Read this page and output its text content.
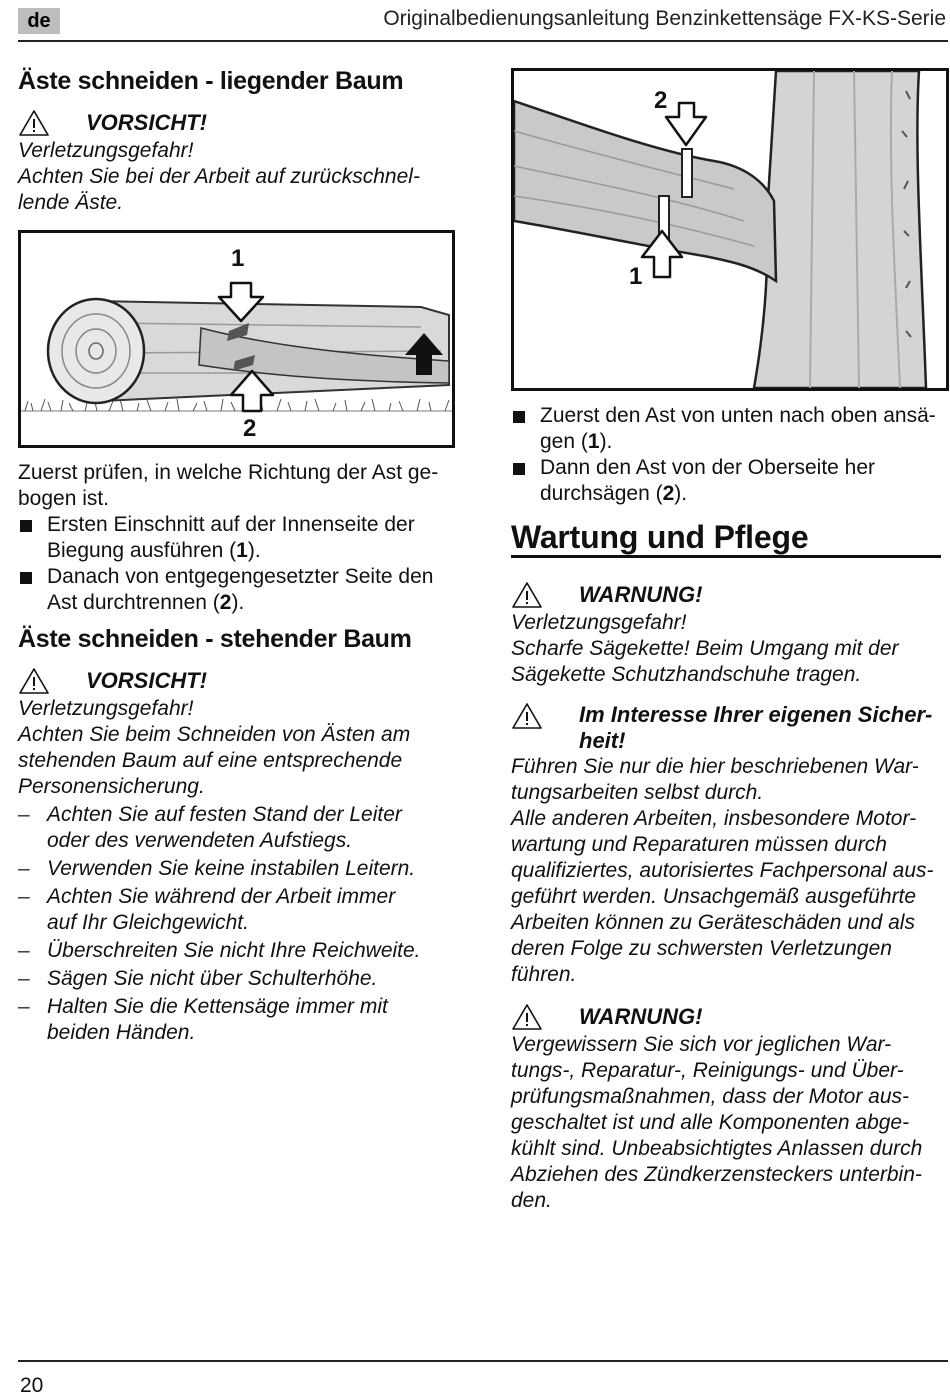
de	Originalbedienungsanleitung Benzinkettensäge FX-KS-Serie
Äste schneiden - liegender Baum
VORSICHT!
Verletzungsgefahr!
Achten Sie bei der Arbeit auf zurückschnel-
lende Äste.
1
2
Zuerst prüfen, in welche Richtung der Ast ge-
bogen ist.
Ersten Einschnitt auf der Innenseite der
Biegung ausführen (1).
Danach von entgegengesetzter Seite den
Ast durchtrennen (2).
Äste schneiden - stehender Baum
VORSICHT!
Verletzungsgefahr!
Achten Sie beim Schneiden von Ästen am
stehenden Baum auf eine entsprechende
Personensicherung.
– Achten Sie auf festen Stand der Leiter
oder des verwendeten Aufstiegs.
– Verwenden Sie keine instabilen Leitern.
– Achten Sie während der Arbeit immer
auf Ihr Gleichgewicht.
– Überschreiten Sie nicht Ihre Reichweite.
– Sägen Sie nicht über Schulterhöhe.
– Halten Sie die Kettensäge immer mit
beiden Händen.
2
1
Zuerst den Ast von unten nach oben ansä-
gen (1).
Dann den Ast von der Oberseite her
durchsägen (2).
Wartung und Pflege
WARNUNG!
Verletzungsgefahr!
Scharfe Sägekette! Beim Umgang mit der
Sägekette Schutzhandschuhe tragen.
Im Interesse Ihrer eigenen Sicher-
heit!
Führen Sie nur die hier beschriebenen War-
tungsarbeiten selbst durch.
Alle anderen Arbeiten, insbesondere Motor-
wartung und Reparaturen müssen durch
qualifiziertes, autorisiertes Fachpersonal aus-
geführt werden. Unsachgemäß ausgeführte
Arbeiten können zu Geräteschäden und als
deren Folge zu schwersten Verletzungen
führen.
WARNUNG!
Vergewissern Sie sich vor jeglichen War-
tungs-, Reparatur-, Reinigungs- und Über-
prüfungsmaßnahmen, dass der Motor aus-
geschaltet ist und alle Komponenten abge-
kühlt sind. Unbeabsichtigtes Anlassen durch
Abziehen des Zündkerzensteckers unterbin-
den.
20
